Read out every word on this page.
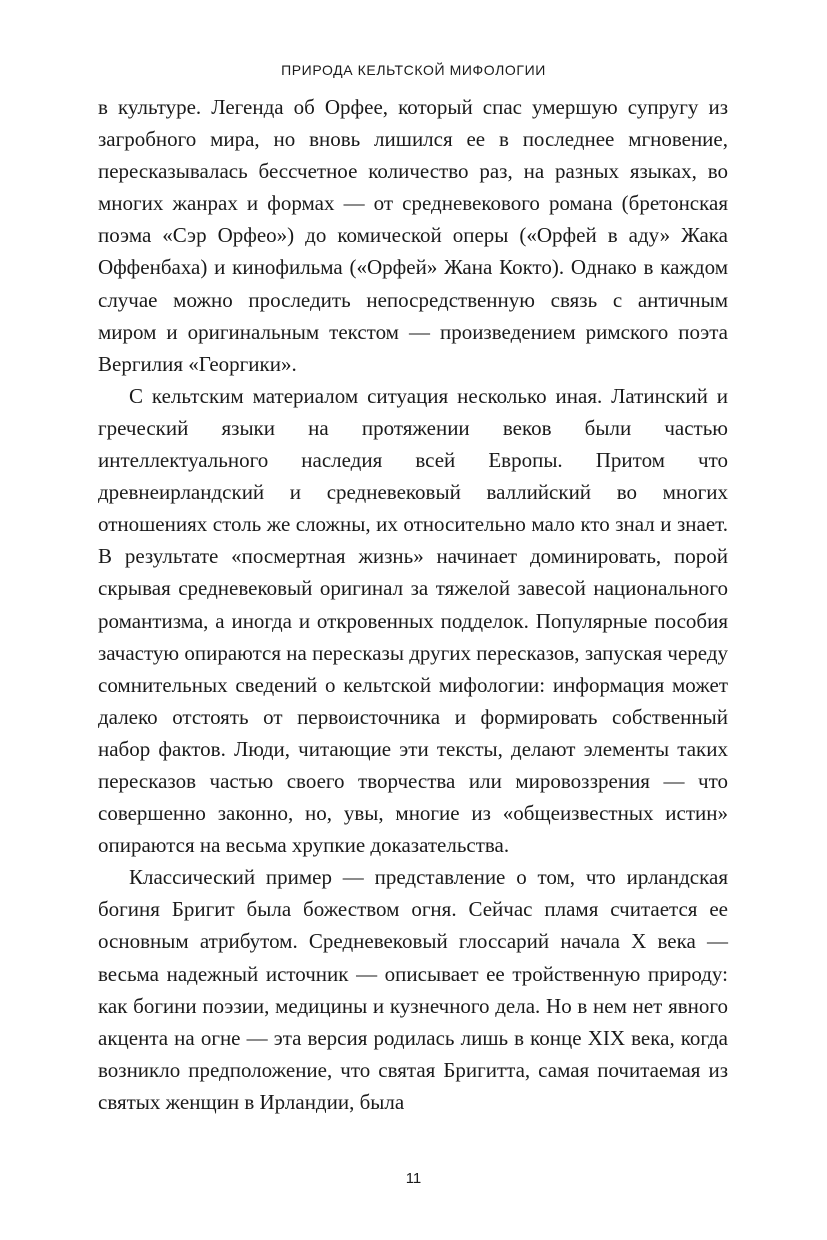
ПРИРОДА КЕЛЬТСКОЙ МИФОЛОГИИ

в культуре. Легенда об Орфее, который спас умершую супругу из загробного мира, но вновь лишился ее в последнее мгновение, пересказывалась бессчетное количество раз, на разных языках, во многих жанрах и формах — от средневекового романа (бретонская поэма «Сэр Орфео») до комической оперы («Орфей в аду» Жака Оффенбаха) и кинофильма («Орфей» Жана Кокто). Однако в каждом случае можно проследить непосредственную связь с античным миром и оригинальным текстом — произведением римского поэта Вергилия «Георгики».

С кельтским материалом ситуация несколько иная. Латинский и греческий языки на протяжении веков были частью интеллектуального наследия всей Европы. Притом что древнеирландский и средневековый валлийский во многих отношениях столь же сложны, их относительно мало кто знал и знает. В результате «посмертная жизнь» начинает доминировать, порой скрывая средневековый оригинал за тяжелой завесой национального романтизма, а иногда и откровенных подделок. Популярные пособия зачастую опираются на пересказы других пересказов, запуская череду сомнительных сведений о кельтской мифологии: информация может далеко отстоять от первоисточника и формировать собственный набор фактов. Люди, читающие эти тексты, делают элементы таких пересказов частью своего творчества или мировоззрения — что совершенно законно, но, увы, многие из «общеизвестных истин» опираются на весьма хрупкие доказательства.

Классический пример — представление о том, что ирландская богиня Бригит была божеством огня. Сейчас пламя считается ее основным атрибутом. Средневековый глоссарий начала X века — весьма надежный источник — описывает ее тройственную природу: как богини поэзии, медицины и кузнечного дела. Но в нем нет явного акцента на огне — эта версия родилась лишь в конце XIX века, когда возникло предположение, что святая Бригитта, самая почитаемая из святых женщин в Ирландии, была

11
